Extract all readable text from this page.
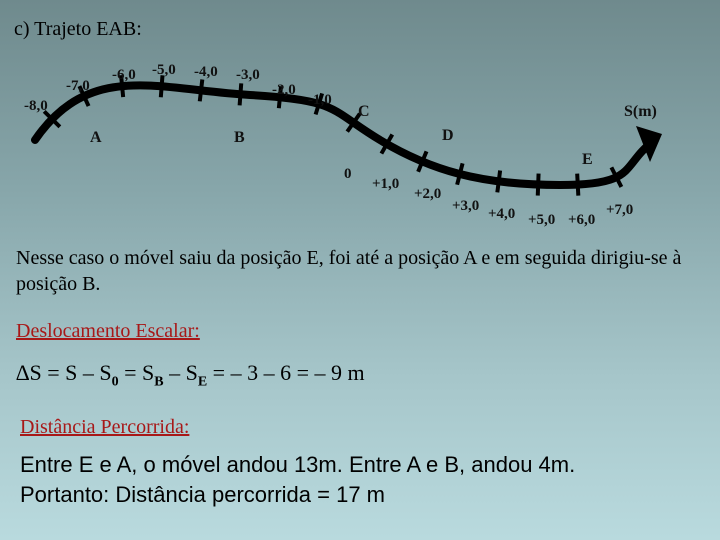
c) Trajeto EAB:
-8,0
-7,0
-6,0 -5,0 -4,0 -3,0
-2,0
-1,0
0
+1,0
+2,0
+3,0 +4,0 +5,0 +6,0
+7,0
A	B
C
D
E
S(m)
Nesse caso o móvel saiu da posição E, foi até a posição A e em seguida dirigiu-se à posição B.
Deslocamento Escalar:
$\Delta S = S - S_0 = S_B - S_E$ = – 3 – 6 = – 9 m
Distância Percorrida:
Entre E e A, o móvel andou 13m. Entre A e B, andou 4m.
Portanto: Distância percorrida = 17 m
